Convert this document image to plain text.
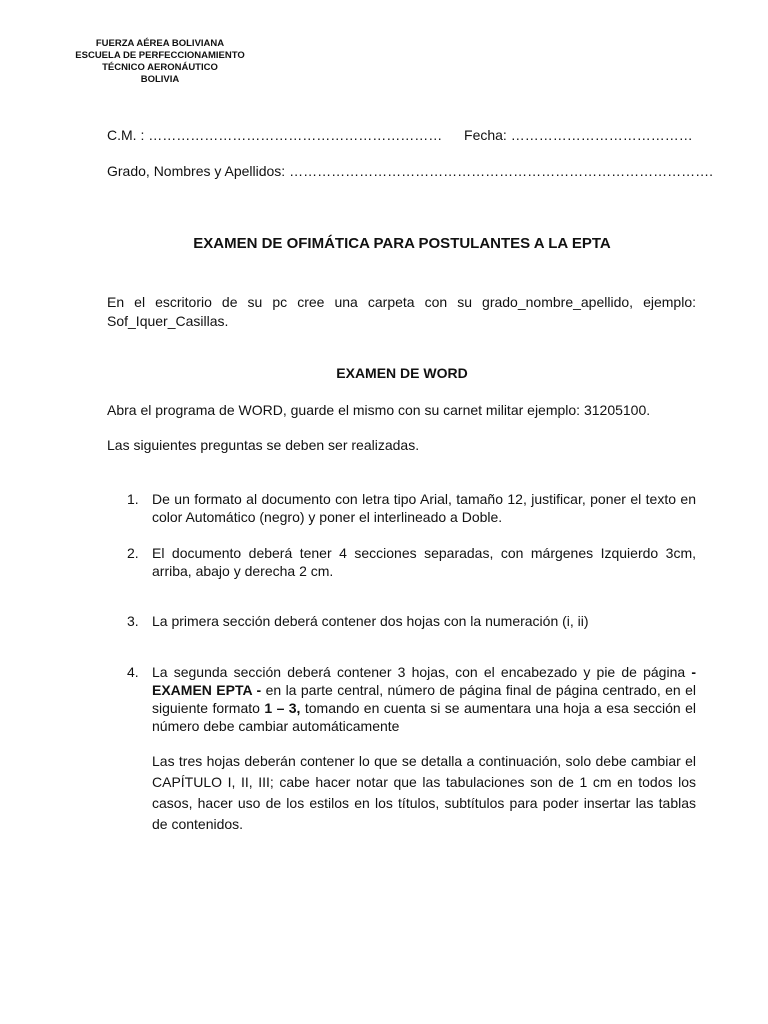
FUERZA AÉREA BOLIVIANA
ESCUELA DE PERFECCIONAMIENTO
TÉCNICO AERONÁUTICO
BOLIVIA
C.M. : ……………………………………………………… Fecha: …………………………………
Grado, Nombres y Apellidos: ……………………………………………………………………………….
EXAMEN DE OFIMÁTICA PARA POSTULANTES A LA EPTA
En el escritorio de su pc cree una carpeta con su grado_nombre_apellido, ejemplo: Sof_Iquer_Casillas.
EXAMEN DE WORD
Abra el programa de WORD, guarde el mismo con su carnet militar ejemplo: 31205100.
Las siguientes preguntas se deben ser realizadas.
1. De un formato al documento con letra tipo Arial, tamaño 12, justificar, poner el texto en color Automático (negro) y poner el interlineado a Doble.
2. El documento deberá tener 4 secciones separadas, con márgenes Izquierdo 3cm, arriba, abajo y derecha 2 cm.
3. La primera sección deberá contener dos hojas con la numeración (i, ii)
4. La segunda sección deberá contener 3 hojas, con el encabezado y pie de página - EXAMEN EPTA - en la parte central, número de página final de página centrado, en el siguiente formato 1 – 3, tomando en cuenta si se aumentara una hoja a esa sección el número debe cambiar automáticamente
Las tres hojas deberán contener lo que se detalla a continuación, solo debe cambiar el CAPÍTULO I, II, III; cabe hacer notar que las tabulaciones son de 1 cm en todos los casos, hacer uso de los estilos en los títulos, subtítulos para poder insertar las tablas de contenidos.
